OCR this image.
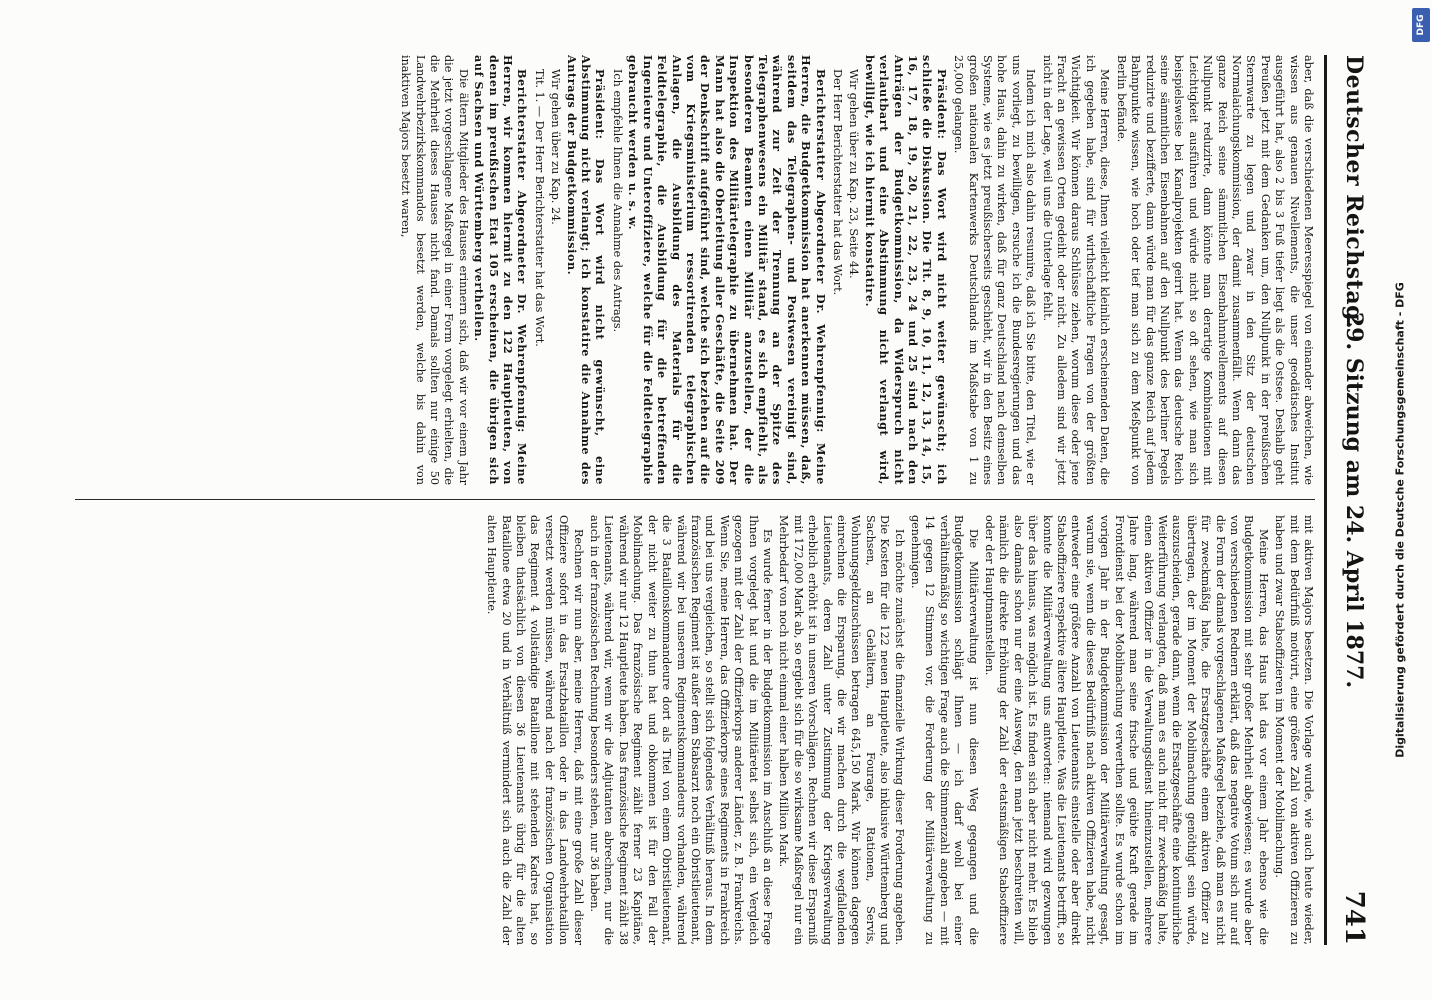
Deutscher Reichstag.
29. Sitzung am 24. April 1877.
741

aber, daß die verschiedenen Meeresspiegel von einander abweichen, wie wissen aus genauen Nivellements, die unser geodätisches Institut ausgeführt hat, also 2 bis 3 Fuß tiefer liegt als die Ostsee. Deshalb geht Preußen jetzt mit dem Gedanken um, den Nullpunkt in der preußischen Sternwarte zu legen und zwar in den Sitz der deutschen Normalaichungskommission, der damit zusammenfällt. Wenn dann das ganze Reich seine sämmtlichen Eisenbahnnivellements auf diesen Nullpunkt reduzirte, dann könnte man derartige Kombinationen mit Leichtigkeit ausführen und würde nicht so oft sehen, wie man sich beispielsweise bei Kanalprojekten geirrt hat. Wenn das deutsche Reich seine sämmtlichen Eisenbahnen auf den Nullpunkt des berliner Pegels reduzirte und bezifferte, dann würde man für das ganze Reich auf jedem Bahnpunkte wissen, wie hoch oder tief man sich zu dem Meßpunkt von Berlin befände.

Meine Herren, diese, Ihnen vielleicht kleinlich erscheinenden Daten, die ich gegeben habe, sind für wirthschaftliche Fragen von der größten Wichtigkeit. Wir können daraus Schlüsse ziehen, worum diese oder jene Fracht an gewissen Orten gedeiht oder nicht. Zu alledem sind wir jetzt nicht in der Lage, weil uns die Unterlage fehlt.

Indem ich mich also dahin resumire, daß ich Sie bitte, den Titel, wie er uns vorliegt, zu bewilligen, ersuche ich die Bundesregierungen und das hohe Haus, dahin zu wirken, daß für ganz Deutschland nach demselben Systeme, wie es jetzt preußischerseits geschieht, wir in den Besitz eines großen nationalen Kartenwerks Deutschlands im Maßstabe von 1 zu 25,000 gelangen.

Präsident: Das Wort wird nicht weiter gewünscht; ich schließe die Diskussion. Die Tit. 8, 9, 10, 11, 12, 13, 14, 15, 16, 17, 18, 19, 20, 21, 22, 23, 24 und 25 sind nach den Anträgen der Budgetkommission, da Widerspruch nicht verlautbart und eine Abstimmung nicht verlangt wird, bewilligt, wie ich hiermit konstatire.

Wir gehen über zu Kap. 23, Seite 44.

Der Herr Berichterstatter hat das Wort.

Berichterstatter Abgeordneter Dr. Wehrenpfennig: Meine Herren, die Budgetkommission hat anerkennen müssen, daß, seitdem das Telegraphen- und Postwesen vereinigt sind, während zur Zeit der Trennung an der Spitze des Telegraphenwesens ein Militär stand, es sich empfiehlt, als besonderen Beamten einen Militär anzustellen, der die Inspektion des Militärtelegraphie zu übernehmen hat. Der Mann hat also die Oberleitung aller Geschäfte, die Seite 209 der Denkschrift aufgeführt sind, welche sich beziehen auf die vom Kriegsministerium ressortirenden telegraphischen Anlagen, die Ausbildung des Materials für die Feldtelegraphie, die Ausbildung für die betreffenden Ingenieure und Unteroffiziere, welche für die Feldtelegraphie gebraucht werden u. s. w.

Ich empfehle Ihnen die Annahme des Antrags.

Präsident: Das Wort wird nicht gewünscht, eine Abstimmung nicht verlangt; ich konstatire die Annahme des Antrags der Budgetkommission.

Wir gehen über zu Kap. 24.

Tit. 1. — Der Herr Berichterstatter hat das Wort.

Berichterstatter Abgeordneter Dr. Wehrenpfennig: Meine Herren, wir kommen hiermit zu den 122 Hauptleuten, von denen im preußischen Etat 105 erscheinen, die übrigen sich auf Sachsen und Württemberg vertheilen.

Die ältern Mitglieder des Hauses erinnern sich, daß wir vor einem Jahr die jetzt vorgeschlagene Maßregel in einer Form vorgelegt erhielten, die die Mehrheit dieses Hauses nicht fand. Damals sollten nur einige 50 Landwehrbezirkskommandos besetzt werden, welche bis dahin von inaktiven Majors besetzt waren,

mit aktiven Majors besetzen. Die Vorlage wurde, wie auch heute wieder, mit dem Bedürfniß motivirt, eine größere Zahl von aktiven Offizieren zu haben und zwar Stabsoffizieren im Moment der Mobilmachung.

Meine Herren, das Haus hat das vor einem Jahr ebenso wie die Budgetkommission mit sehr großer Mehrheit abgewiesen; es wurde aber von verschiedenen Rednern erklärt, daß das negative Votum sich nur auf die Form der damals vorgeschlagenen Maßregel beziehe, daß man es nicht für zweckmäßig halte, die Ersatzgeschäfte einem aktiven Offizier zu übertragen, der im Moment der Mobilmachung genöthigt sein würde, auszuscheiden, gerade dann, wenn die Ersatzgeschäfte eine kontinuirliche Weiterführung verlangten, daß man es auch nicht für zweckmäßig halte, einen aktiven Offizier in die Verwaltungsdienst hineinzustellen, mehrere Jahre lang, während man seine frische und geübte Kraft gerade im Frontdienst bei der Mobilmachung verwerthen sollte. Es wurde schon im vorigen Jahr in der Budgetkommission der Militärverwaltung gesagt, warum sie, wenn die dieses Bedürfniß nach aktiven Offizieren habe, nicht entweder eine größere Anzahl von Lieutenants einstelle oder aber direkt Stabsoffiziere respektive ältere Hauptleute. Was die Lieutenants betrifft, so konnte die Militärverwaltung uns antworten: niemand wird gezwungen über das hinaus, was möglich ist. Es finden sich aber nicht mehr. Es blieb also damals schon nur der eine Ausweg, den man jetzt beschreiten will, nämlich die direkte Erhöhung der Zahl der etatsmäßigen Stabsoffiziere oder der Hauptmannstellen.

Die Militärverwaltung ist nun diesen Weg gegangen und die Budgetkommission schlägt Ihnen — ich darf wohl bei einer verhältnißmäßig so wichtigen Frage auch die Stimmenzahl angeben — mit 14 gegen 12 Stimmen vor, die Forderung der Militärverwaltung zu genehmigen.

Ich möchte zunächst die finanzielle Wirkung dieser Forderung angeben. Die Kosten für die 122 neuen Hauptleute, also inklusive Württemberg und Sachsen, an Gehältern, an Fourage, Rationen, Servis, Wohnungsgeldzuschüssen betragen 645,150 Mark. Wir können dagegen einrechnen die Ersparung, die wir machen durch die wegfallenden Lieutenants, deren Zahl unter Zustimmung der Kriegsverwaltung erheblich erhöht ist in unseren Vorschlägen. Rechnen wir diese Ersparniß mit 172,000 Mark ab, so ergiebt sich für die so wirksame Maßregel nur ein Mehrbedarf von noch nicht einmal einer halben Million Mark.

Es wurde ferner in der Budgetkommission im Anschluß an diese Frage Ihnen vorgelegt hat und die im Militäretat selbst sich, ein Vergleich gezogen mit der Zahl der Offizierkorps anderer Länder, z. B. Frankreichs. Wenn Sie, meine Herren, das Offizierkorps eines Regiments in Frankreich und bei uns vergleichen, so stellt sich folgendes Verhältniß heraus. In dem französischen Regiment ist außer dem Stabsarzt noch ein Obristlieutenant, während wir bei unserem Regimentskommandeurs vorhanden, während die 3 Bataillonskommandeure dort als Titel von einem Obristlieutenant, der nicht weiter zu thun hat und obkommen ist für den Fall der Mobilmachung. Das französische Regiment zählt ferner 23 Kapitäne, während wir nur 12 Hauptleute haben. Das französische Regiment zählt 38 Lieutenants, während wir, wenn wir die Adjutanten abrechnen, nur die auch in der französischen Rechnung besonders stehen, nur 36 haben.

Rechnen wir nun aber, meine Herren, daß mit eine große Zahl dieser Offiziere sofort in das Ersatzbataillon oder in das Landwehrbataillon versetzt werden müssen, während nach der französischen Organisation das Regiment 4 vollständige Bataillone mit stehenden Kadres hat, so bleiben thatsächlich von diesen 36 Lieutenants übrig für die alten Bataillone etwa 20 und in Verhältniß vermindert sich auch die Zahl der alten Hauptleute.	Digitalisierung gefördert durch die Deutsche Forschungsgemeinschaft - DFG
DFG
